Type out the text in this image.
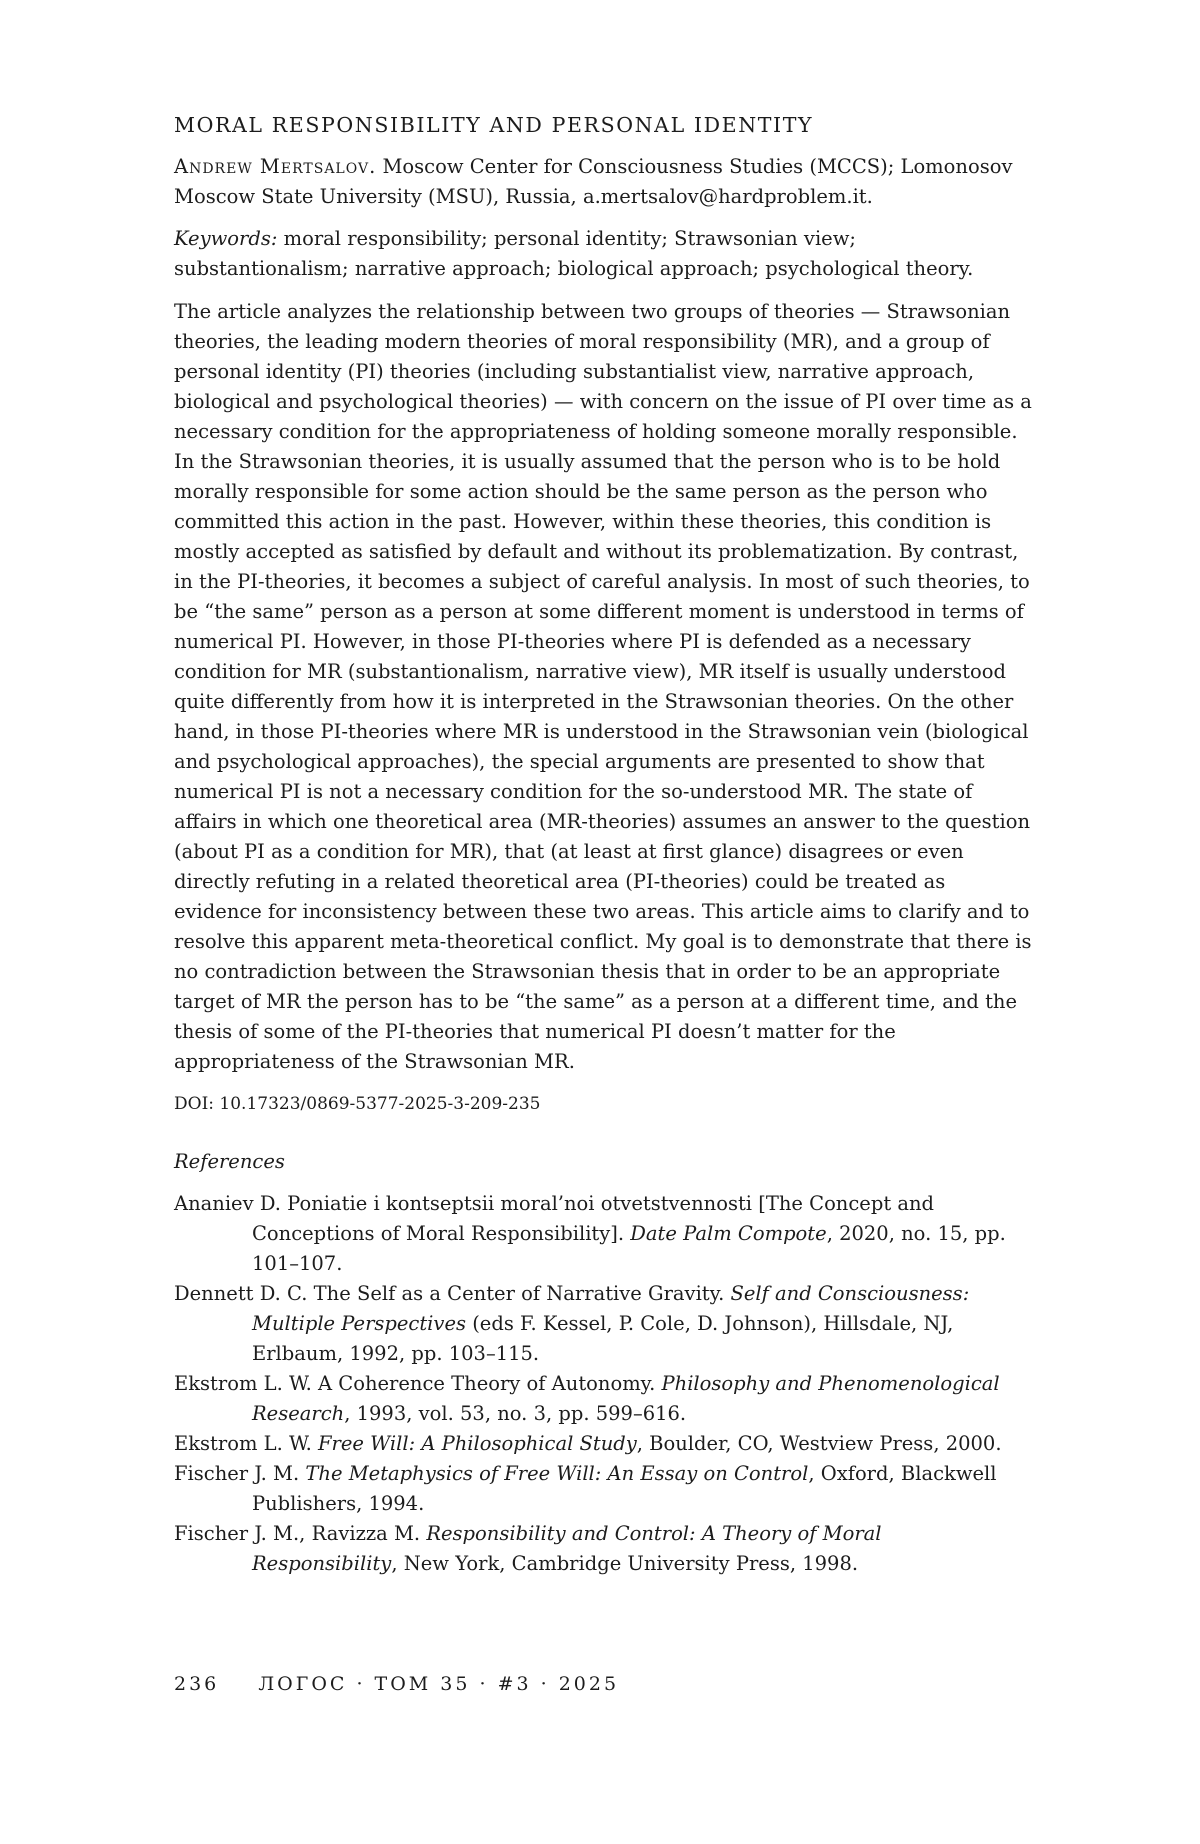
MORAL RESPONSIBILITY AND PERSONAL IDENTITY

Andrew Mertsalov. Moscow Center for Consciousness Studies (MCCS); Lomonosov Moscow State University (MSU), Russia, a.mertsalov@hardproblem.it.

Keywords: moral responsibility; personal identity; Strawsonian view; substantionalism; narrative approach; biological approach; psychological theory.

The article analyzes the relationship between two groups of theories — Strawsonian theories, the leading modern theories of moral responsibility (MR), and a group of personal identity (PI) theories (including substantialist view, narrative approach, biological and psychological theories) — with concern on the issue of PI over time as a necessary condition for the appropriateness of holding someone morally responsible. In the Strawsonian theories, it is usually assumed that the person who is to be hold morally responsible for some action should be the same person as the person who committed this action in the past. However, within these theories, this condition is mostly accepted as satisfied by default and without its problematization. By contrast, in the PI-theories, it becomes a subject of careful analysis. In most of such theories, to be “the same” person as a person at some different moment is understood in terms of numerical PI. However, in those PI-theories where PI is defended as a necessary condition for MR (substantionalism, narrative view), MR itself is usually understood quite differently from how it is interpreted in the Strawsonian theories. On the other hand, in those PI-theories where MR is understood in the Strawsonian vein (biological and psychological approaches), the special arguments are presented to show that numerical PI is not a necessary condition for the so-understood MR. The state of affairs in which one theoretical area (MR-theories) assumes an answer to the question (about PI as a condition for MR), that (at least at first glance) disagrees or even directly refuting in a related theoretical area (PI-theories) could be treated as evidence for inconsistency between these two areas. This article aims to clarify and to resolve this apparent meta-theoretical conflict. My goal is to demonstrate that there is no contradiction between the Strawsonian thesis that in order to be an appropriate target of MR the person has to be “the same” as a person at a different time, and the thesis of some of the PI-theories that numerical PI doesn’t matter for the appropriateness of the Strawsonian MR.

DOI: 10.17323/0869-5377-2025-3-209-235

References

Ananiev D. Poniatie i kontseptsii moral’noi otvetstvennosti [The Concept and Conceptions of Moral Responsibility]. Date Palm Compote, 2020, no. 15, pp. 101–107.

Dennett D. C. The Self as a Center of Narrative Gravity. Self and Consciousness: Multiple Perspectives (eds F. Kessel, P. Cole, D. Johnson), Hillsdale, NJ, Erlbaum, 1992, pp. 103–115.

Ekstrom L. W. A Coherence Theory of Autonomy. Philosophy and Phenomenological Research, 1993, vol. 53, no. 3, pp. 599–616.

Ekstrom L. W. Free Will: A Philosophical Study, Boulder, CO, Westview Press, 2000.

Fischer J. M. The Metaphysics of Free Will: An Essay on Control, Oxford, Blackwell Publishers, 1994.

Fischer J. M., Ravizza M. Responsibility and Control: A Theory of Moral Responsibility, New York, Cambridge University Press, 1998.

236 ЛОГОС · ТОМ 35 · #3 · 2025
